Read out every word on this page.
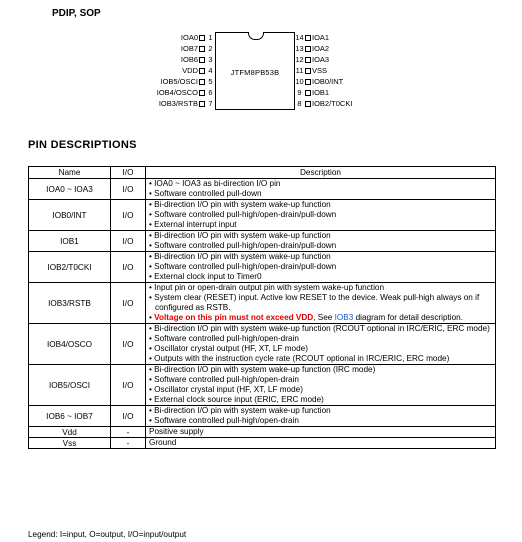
PDIP, SOP
JTFM8PB53B
IOA0 1
IOB7 2
IOB6 3
VDD 4
IOB5/OSCI 5
IOB4/OSCO 6
IOB3/RSTB 7
14 IOA1
13 IOA2
12 IOA3
11 VSS
10 IOB0/INT
9 IOB1
8 IOB2/T0CKI
PIN DESCRIPTIONS
Name	I/O	Description
IOA0 ~ IOA3	I/O	• IOA0 ~ IOA3 as bi-direction I/O pin
• Software controlled pull-down

IOB0/INT	I/O	• Bi-direction I/O pin with system wake-up function
• Software controlled pull-high/open-drain/pull-down
• External interrupt input

IOB1	I/O	• Bi-direction I/O pin with system wake-up function
• Software controlled pull-high/open-drain/pull-down

IOB2/T0CKI	I/O	• Bi-direction I/O pin with system wake-up function
• Software controlled pull-high/open-drain/pull-down
• External clock input to Timer0

IOB3/RSTB	I/O	• Input pin or open-drain output pin with system wake-up function
• System clear (RESET) input. Active low RESET to the device. Weak pull-high always on if configured as RSTB.
• Voltage on this pin must not exceed VDD, See IOB3 diagram for detail description.

IOB4/OSCO	I/O	• Bi-direction I/O pin with system wake-up function (RCOUT optional in IRC/ERIC, ERC mode)
• Software controlled pull-high/open-drain
• Oscillator crystal output (HF, XT, LF mode)
• Outputs with the instruction cycle rate (RCOUT optional in IRC/ERIC, ERC mode)

IOB5/OSCI	I/O	• Bi-direction I/O pin with system wake-up function (IRC mode)
• Software controlled pull-high/open-drain
• Oscillator crystal input (HF, XT, LF mode)
• External clock source input (ERIC, ERC mode)

IOB6 ~ IOB7	I/O	• Bi-direction I/O pin with system wake-up function
• Software controlled pull-high/open-drain

Vdd	-	Positive supply

Vss	-	Ground
Legend: I=input, O=output, I/O=input/output
